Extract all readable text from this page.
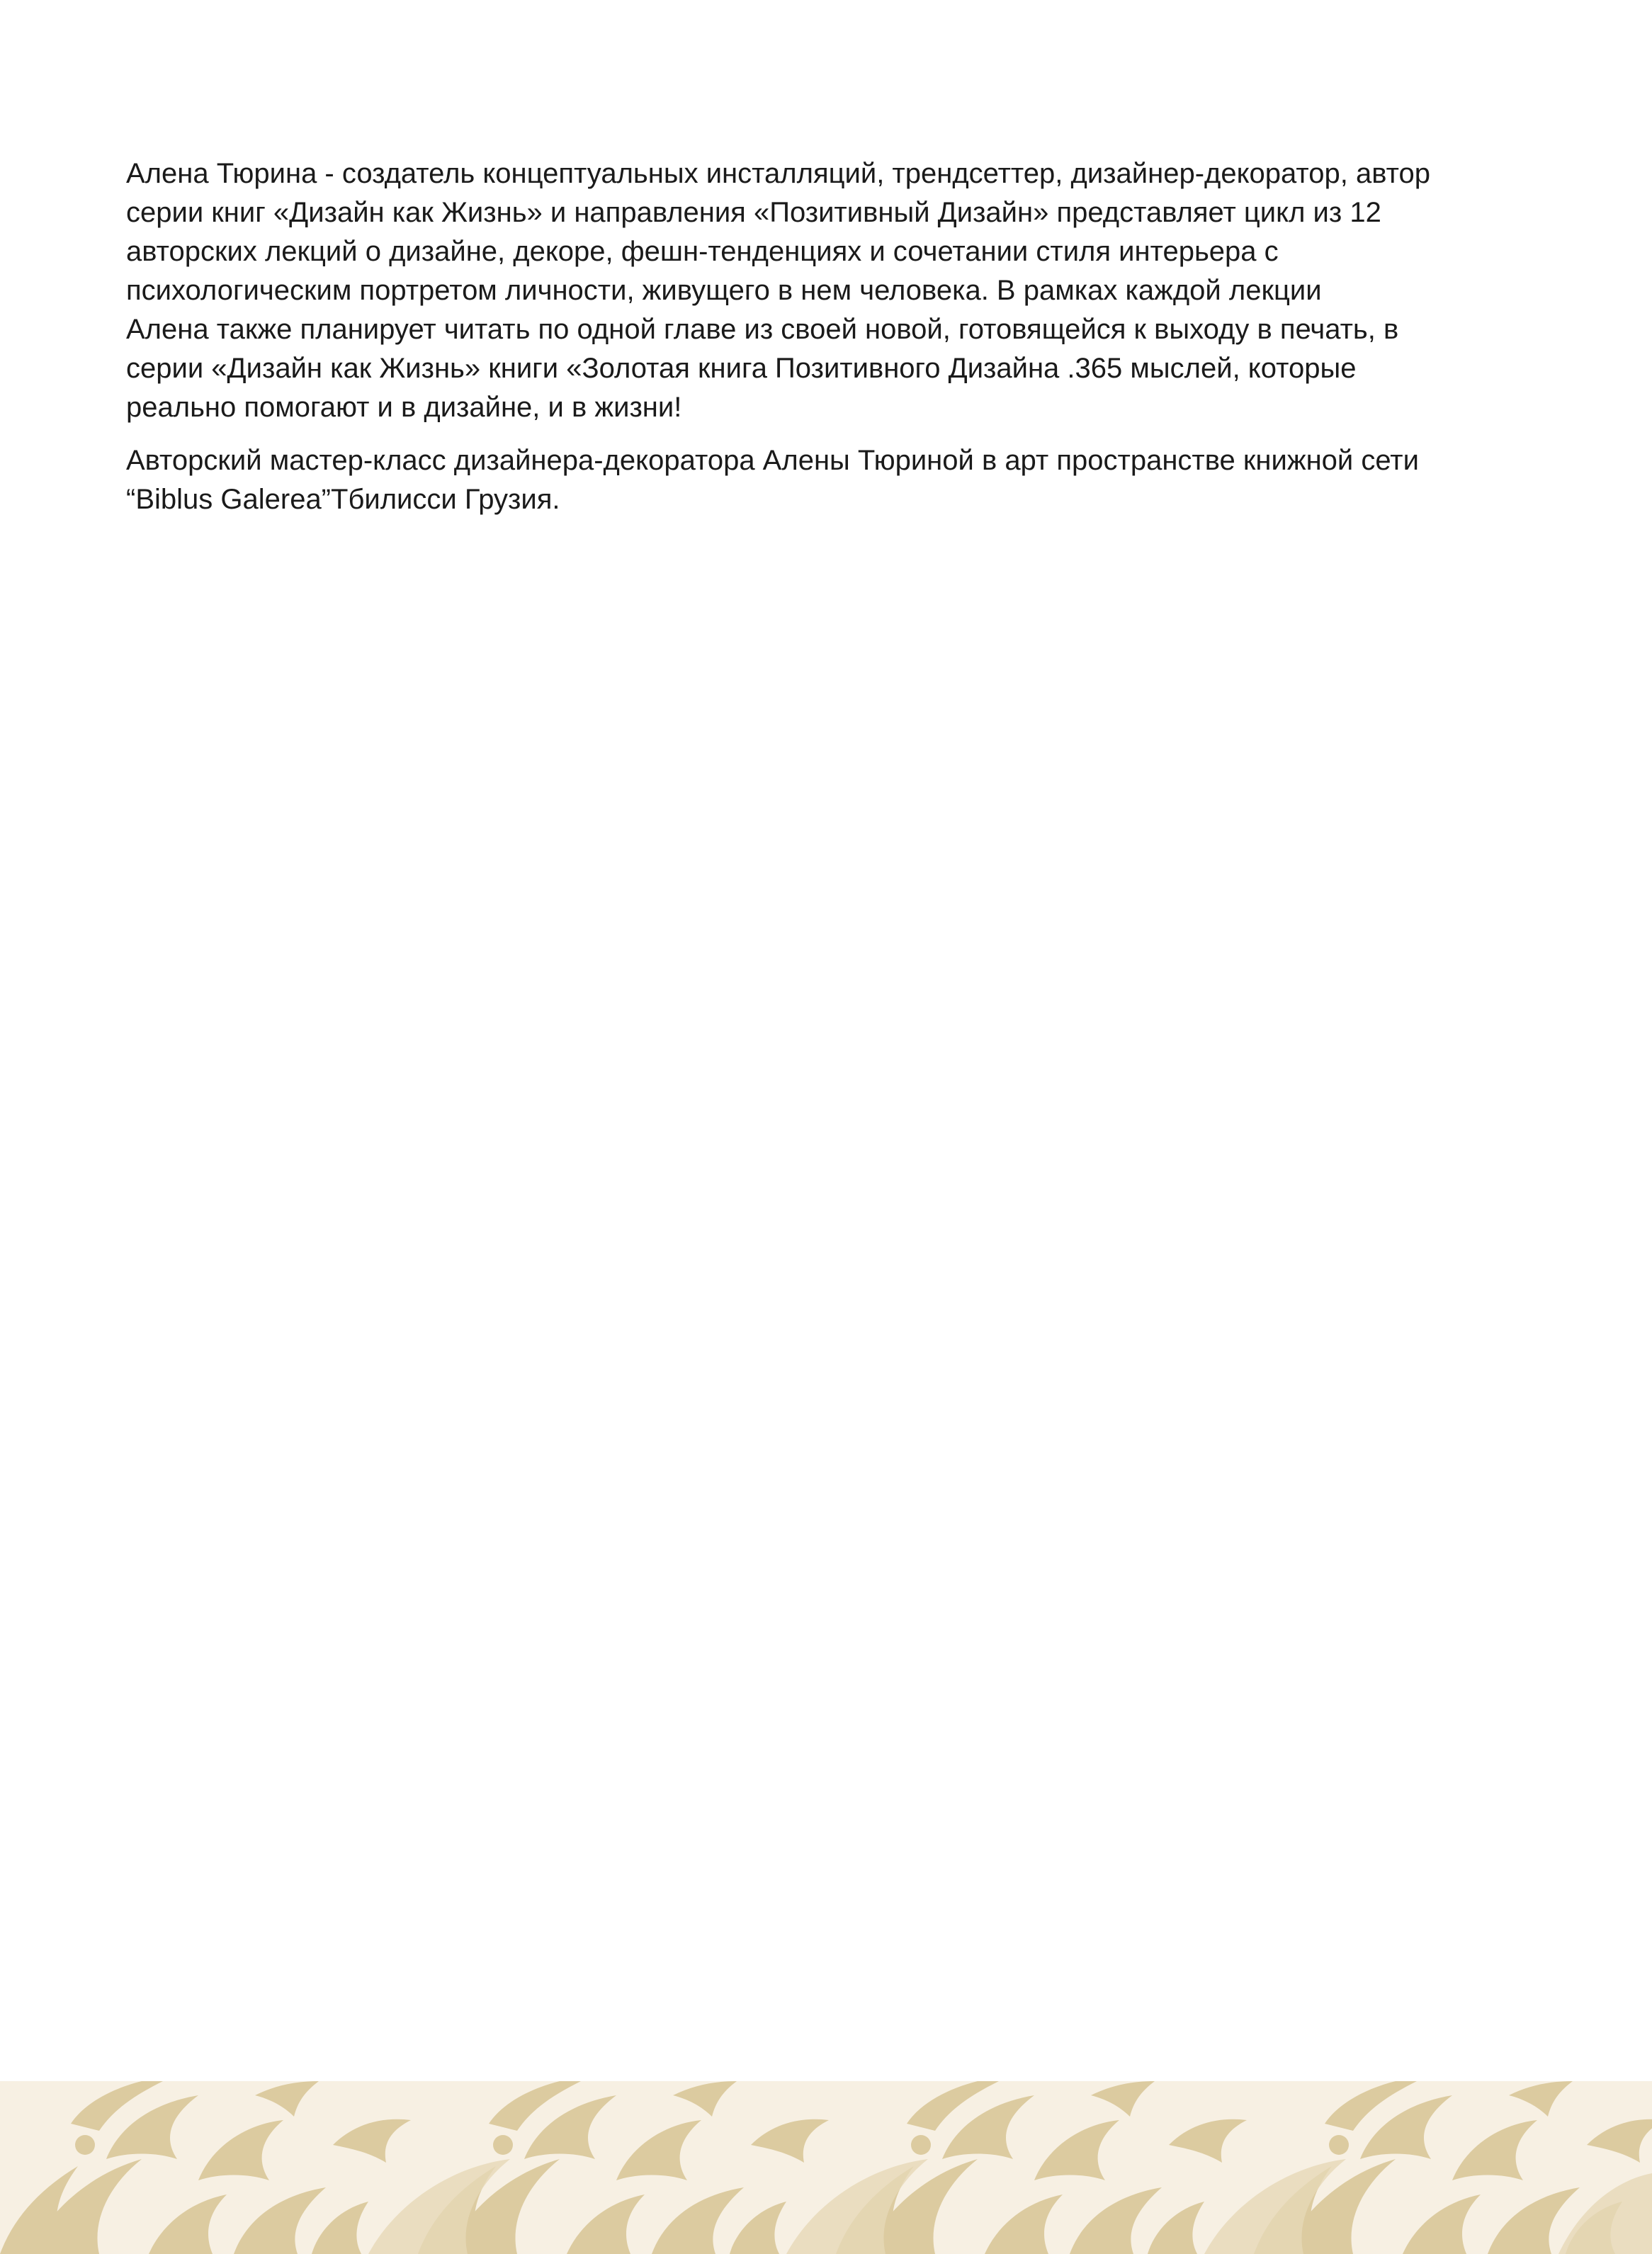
Алена Тюрина - создатель концептуальных инсталляций, трендсеттер, дизайнер-декоратор, автор
серии книг «Дизайн как Жизнь» и направления «Позитивный Дизайн» представляет цикл из 12
авторских лекций о дизайне, декоре, фешн-тенденциях и сочетании стиля интерьера с
психологическим портретом личности, живущего в нем человека. В рамках каждой лекции
Алена также планирует читать по одной главе из своей новой, готовящейся к выходу в печать, в
серии «Дизайн как Жизнь» книги «Золотая книга Позитивного Дизайна .365 мыслей, которые
реально помогают и в дизайне, и в жизни!

Авторский мастер-класс дизайнера-декоратора Алены Тюриной в арт пространстве книжной сети
“Biblus Galerea”Тбилисси Грузия.
